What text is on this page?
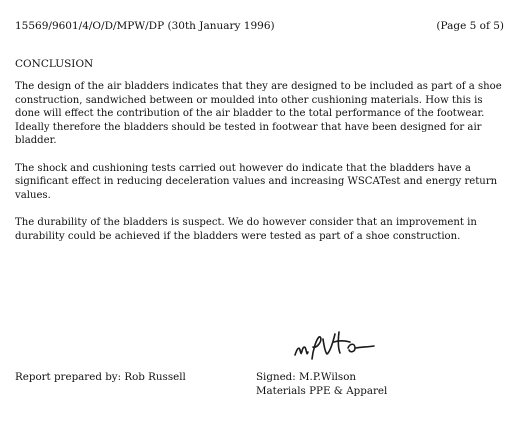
15569/9601/4/O/D/MPW/DP (30th January 1996)	(Page 5 of 5)
CONCLUSION

The design of the air bladders indicates that they are designed to be included as part of a shoe construction, sandwiched between or moulded into other cushioning materials. How this is done will effect the contribution of the air bladder to the total performance of the footwear. Ideally therefore the bladders should be tested in footwear that have been designed for air bladder.

The shock and cushioning tests carried out however do indicate that the bladders have a significant effect in reducing deceleration values and increasing WSCATest and energy return values.

The durability of the bladders is suspect. We do however consider that an improvement in durability could be achieved if the bladders were tested as part of a shoe construction.

Report prepared by: Rob Russell	Signed: M.P.Wilson
Materials PPE & Apparel
